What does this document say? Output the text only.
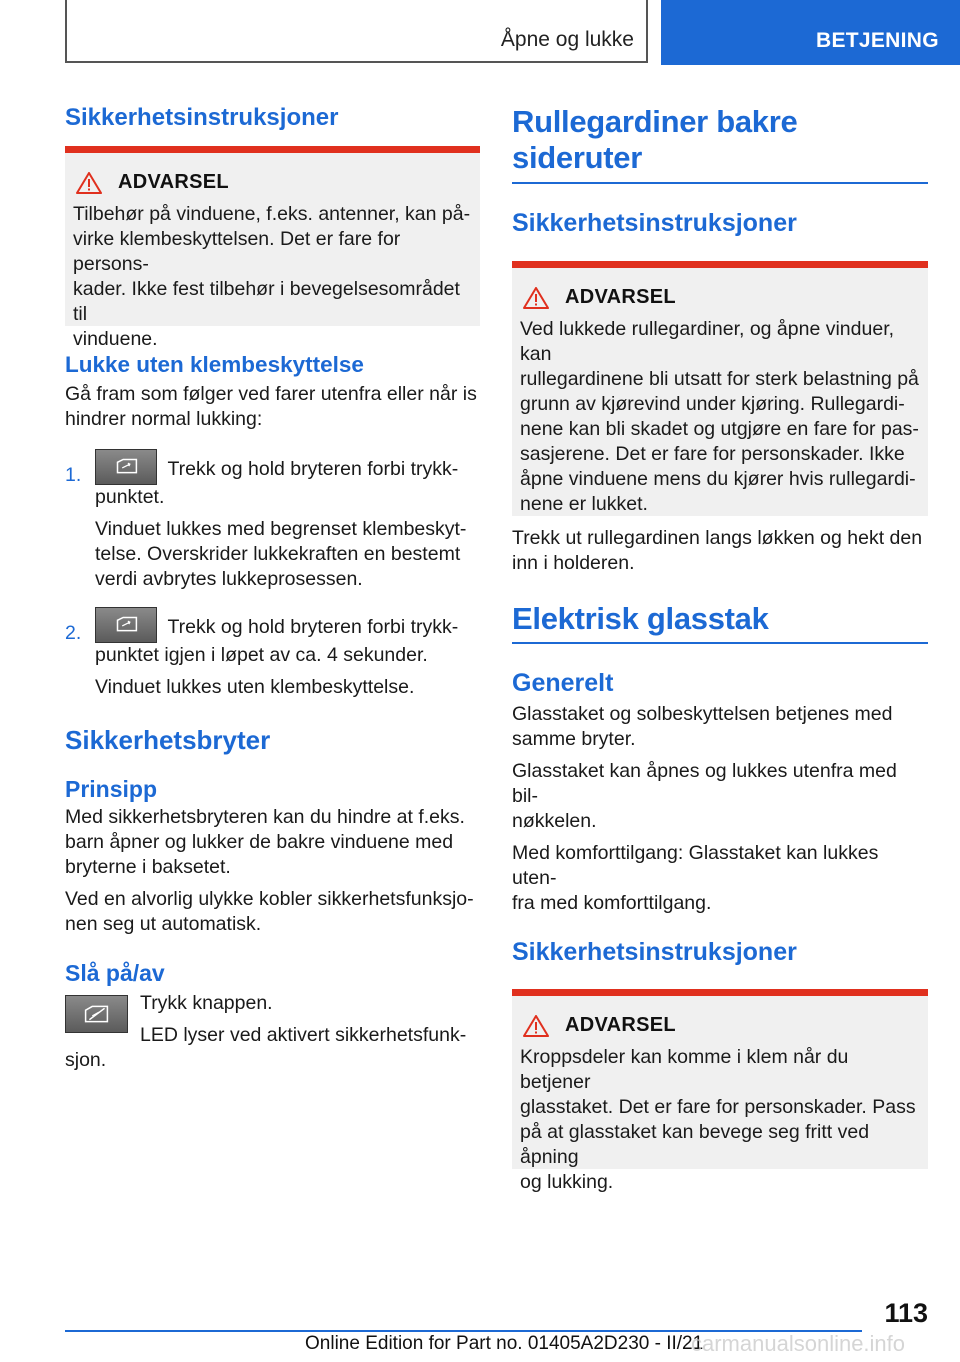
Åpne og lukke	BETJENING
Sikkerhetsinstruksjoner
ADVARSEL

Tilbehør på vinduene, f.eks. antenner, kan på-
virke klembeskyttelsen. Det er fare for persons-
kader. Ikke fest tilbehør i bevegelsesområdet til
vinduene.

Lukke uten klembeskyttelse

Gå fram som følger ved farer utenfra eller når is
hindrer normal lukking:

1.	Trekk og hold bryteren forbi trykk-

punktet.

Vinduet lukkes med begrenset klembeskyt-
telse. Overskrider lukkekraften en bestemt
verdi avbrytes lukkeprosessen.

2.	Trekk og hold bryteren forbi trykk-

punktet igjen i løpet av ca. 4 sekunder.

Vinduet lukkes uten klembeskyttelse.

Sikkerhetsbryter
Prinsipp

Med sikkerhetsbryteren kan du hindre at f.eks.
barn åpner og lukker de bakre vinduene med
bryterne i baksetet.

Ved en alvorlig ulykke kobler sikkerhetsfunksjo-
nen seg ut automatisk.

Slå på/av

Trykk knappen.

LED lyser ved aktivert sikkerhetsfunk-

sjon.

Rullegardiner bakre
sideruter
Sikkerhetsinstruksjoner
ADVARSEL

Ved lukkede rullegardiner, og åpne vinduer, kan
rullegardinene bli utsatt for sterk belastning på
grunn av kjørevind under kjøring. Rullegardi-
nene kan bli skadet og utgjøre en fare for pas-
sasjerene. Det er fare for personskader. Ikke
åpne vinduene mens du kjører hvis rullegardi-
nene er lukket.

Trekk ut rullegardinen langs løkken og hekt den
inn i holderen.

Elektrisk glasstak
Generelt

Glasstaket og solbeskyttelsen betjenes med
samme bryter.

Glasstaket kan åpnes og lukkes utenfra med bil-
nøkkelen.

Med komforttilgang: Glasstaket kan lukkes uten-
fra med komforttilgang.

Sikkerhetsinstruksjoner
ADVARSEL

Kroppsdeler kan komme i klem når du betjener
glasstaket. Det er fare for personskader. Pass
på at glasstaket kan bevege seg fritt ved åpning
og lukking.

113
Online Edition for Part no. 01405A2D230 - II/21
carmanualsonline.info
